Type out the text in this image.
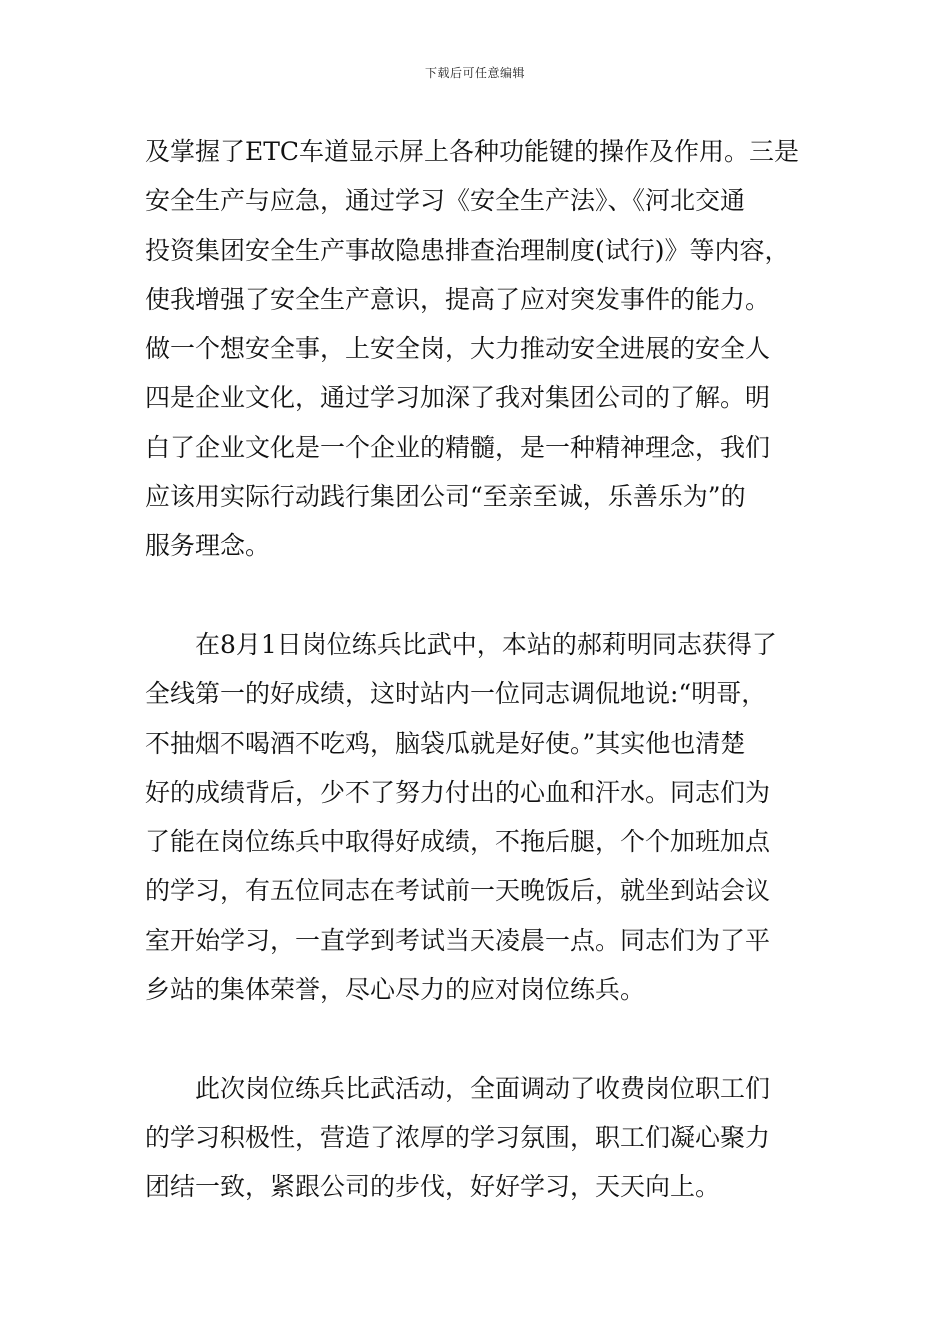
下载后可任意编辑
及掌握了ETC车道显示屏上各种功能键的操作及作用。三是
安全生产与应急，通过学习《安全生产法》、《河北交通
投资集团安全生产事故隐患排查治理制度(试行)》等内容，
使我增强了安全生产意识，提高了应对突发事件的能力。
做一个想安全事，上安全岗，大力推动安全进展的安全人
四是企业文化，通过学习加深了我对集团公司的了解。明
白了企业文化是一个企业的精髓，是一种精神理念，我们
应该用实际行动践行集团公司“至亲至诚，乐善乐为”的
服务理念。
在8月1日岗位练兵比武中，本站的郝莉明同志获得了
全线第一的好成绩，这时站内一位同志调侃地说:“明哥，
不抽烟不喝酒不吃鸡，脑袋瓜就是好使。”其实他也清楚
好的成绩背后，少不了努力付出的心血和汗水。同志们为
了能在岗位练兵中取得好成绩，不拖后腿，个个加班加点
的学习，有五位同志在考试前一天晚饭后，就坐到站会议
室开始学习，一直学到考试当天凌晨一点。同志们为了平
乡站的集体荣誉，尽心尽力的应对岗位练兵。
此次岗位练兵比武活动，全面调动了收费岗位职工们
的学习积极性，营造了浓厚的学习氛围，职工们凝心聚力
团结一致，紧跟公司的步伐，好好学习，天天向上。
